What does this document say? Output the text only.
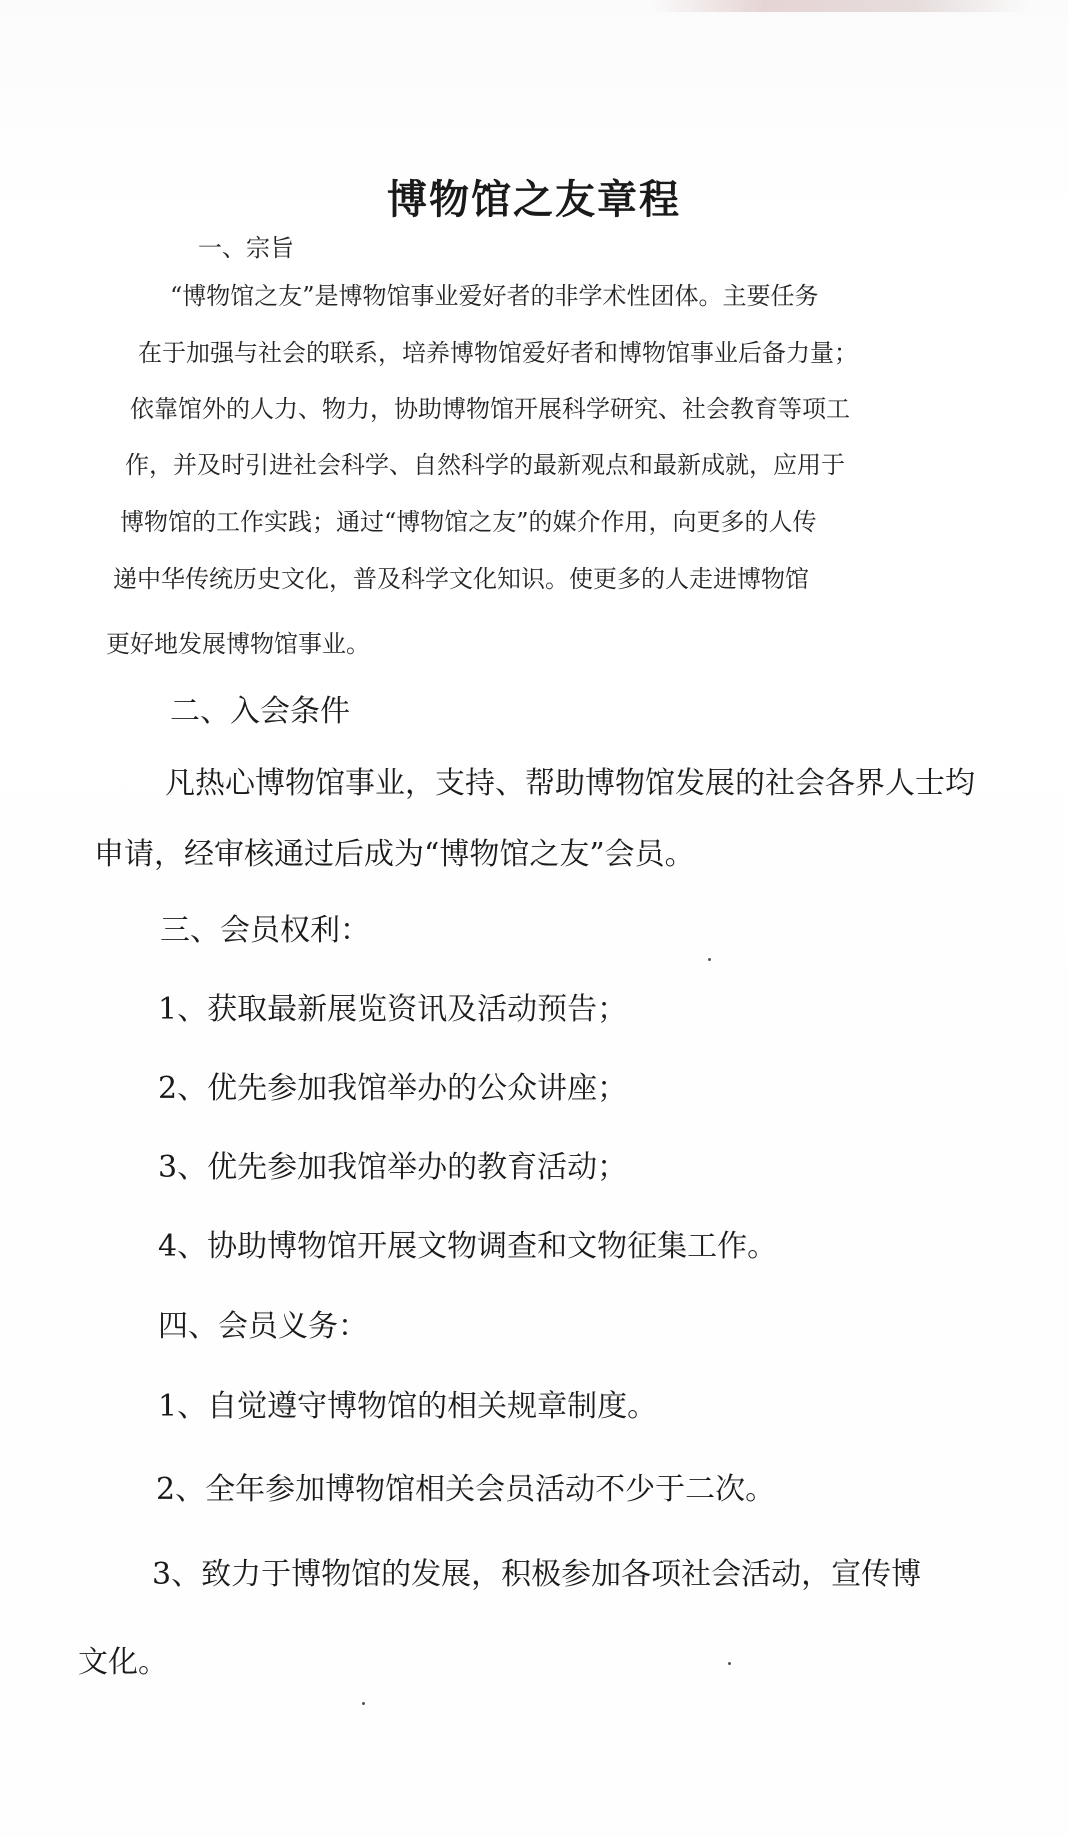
博物馆之友章程
一、宗旨
“博物馆之友”是博物馆事业爱好者的非学术性团体。主要任务
在于加强与社会的联系，培养博物馆爱好者和博物馆事业后备力量；
依靠馆外的人力、物力，协助博物馆开展科学研究、社会教育等项工
作，并及时引进社会科学、自然科学的最新观点和最新成就，应用于
博物馆的工作实践；通过“博物馆之友”的媒介作用，向更多的人传
递中华传统历史文化，普及科学文化知识。使更多的人走进博物馆
更好地发展博物馆事业。
二、入会条件
凡热心博物馆事业，支持、帮助博物馆发展的社会各界人士均
申请，经审核通过后成为“博物馆之友”会员。
三、会员权利：
1、获取最新展览资讯及活动预告；
2、优先参加我馆举办的公众讲座；
3、优先参加我馆举办的教育活动；
4、协助博物馆开展文物调查和文物征集工作。
四、会员义务：
1、自觉遵守博物馆的相关规章制度。
2、全年参加博物馆相关会员活动不少于二次。
3、致力于博物馆的发展，积极参加各项社会活动，宣传博
文化。
